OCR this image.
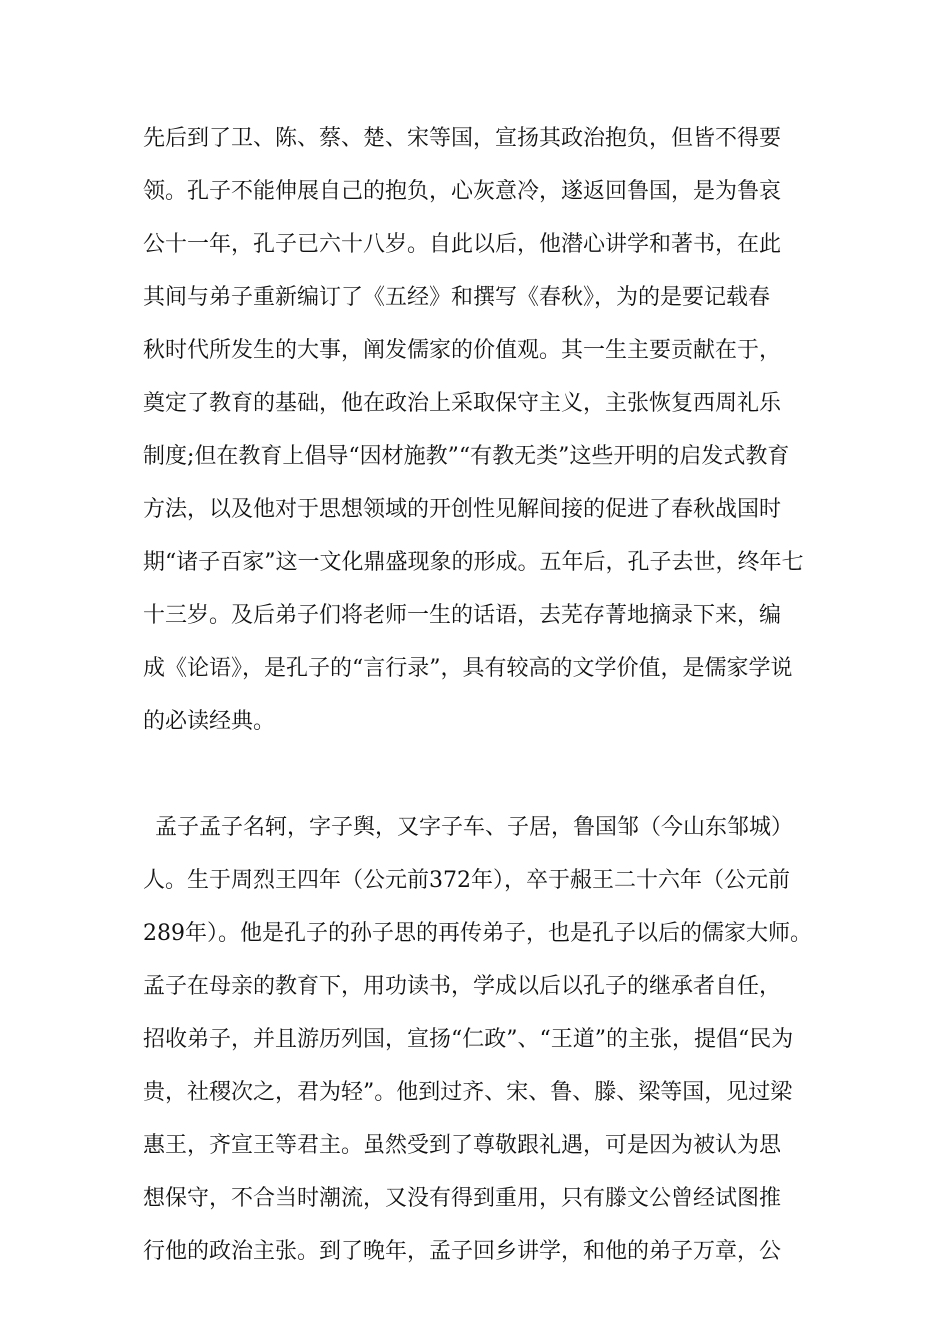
先后到了卫、陈、蔡、楚、宋等国，宣扬其政治抱负，但皆不得要

领。孔子不能伸展自己的抱负，心灰意冷，遂返回鲁国，是为鲁哀

公十一年，孔子已六十八岁。自此以后，他潜心讲学和著书，在此

其间与弟子重新编订了《五经》和撰写《春秋》，为的是要记载春

秋时代所发生的大事，阐发儒家的价值观。其一生主要贡献在于，

奠定了教育的基础，他在政治上采取保守主义，主张恢复西周礼乐

制度;但在教育上倡导“因材施教”“有教无类”这些开明的启发式教育

方法，以及他对于思想领域的开创性见解间接的促进了春秋战国时

期“诸子百家”这一文化鼎盛现象的形成。五年后，孔子去世，终年七

十三岁。及后弟子们将老师一生的话语，去芜存菁地摘录下来，编

成《论语》，是孔子的“言行录”，具有较高的文学价值，是儒家学说

的必读经典。

孟子孟子名轲，字子舆，又字子车、子居，鲁国邹（今山东邹城）

人。生于周烈王四年（公元前372年），卒于赧王二十六年（公元前

289年）。他是孔子的孙子思的再传弟子，也是孔子以后的儒家大师。

孟子在母亲的教育下，用功读书，学成以后以孔子的继承者自任，

招收弟子，并且游历列国，宣扬“仁政”、“王道”的主张，提倡“民为

贵，社稷次之，君为轻”。他到过齐、宋、鲁、滕、梁等国，见过梁

惠王，齐宣王等君主。虽然受到了尊敬跟礼遇，可是因为被认为思

想保守，不合当时潮流，又没有得到重用，只有滕文公曾经试图推

行他的政治主张。到了晚年，孟子回乡讲学，和他的弟子万章，公
